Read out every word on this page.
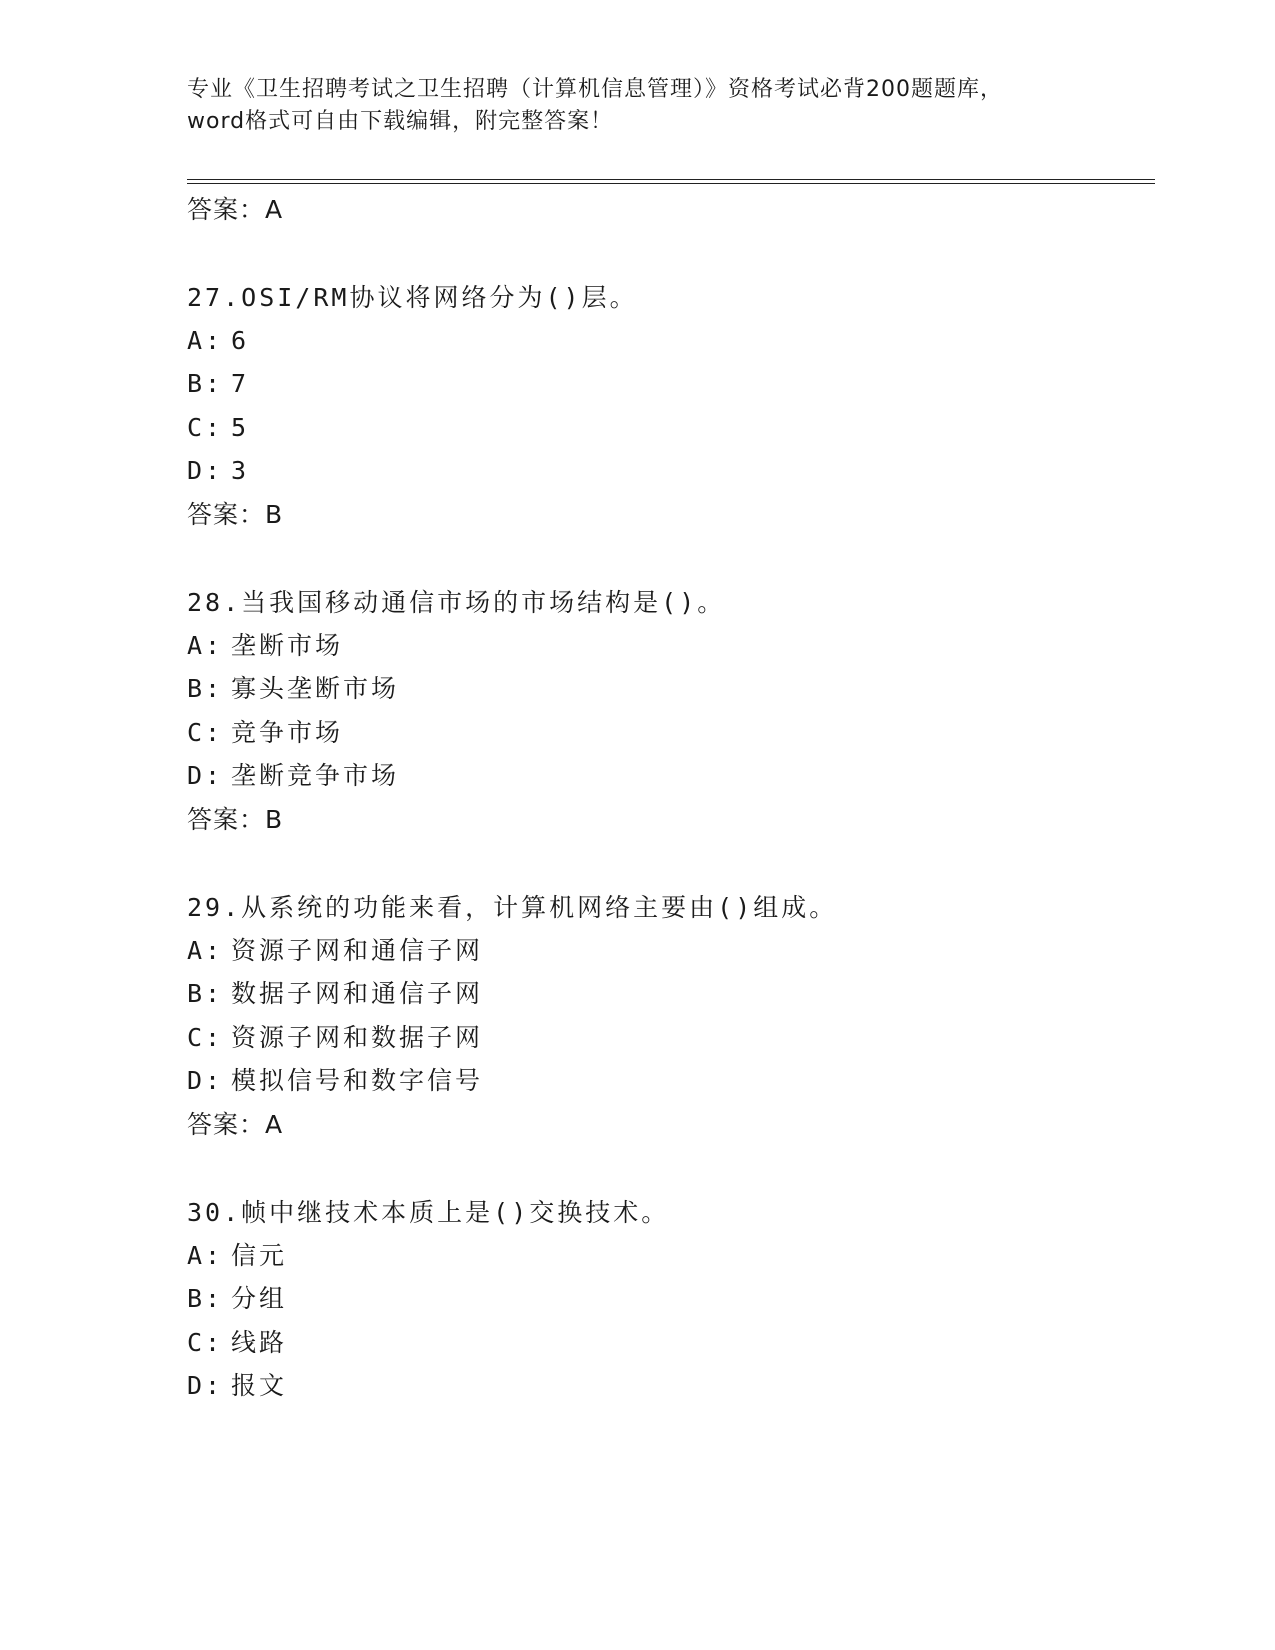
专业《卫生招聘考试之卫生招聘（计算机信息管理）》资格考试必背200题题库，
word格式可自由下载编辑，附完整答案！
答案：A
27.OSI/RM协议将网络分为()层。
A: 6
B: 7
C: 5
D: 3
答案：B
28.当我国移动通信市场的市场结构是()。
A: 垄断市场
B: 寡头垄断市场
C: 竞争市场
D: 垄断竞争市场
答案：B
29.从系统的功能来看，计算机网络主要由()组成。
A: 资源子网和通信子网
B: 数据子网和通信子网
C: 资源子网和数据子网
D: 模拟信号和数字信号
答案：A
30.帧中继技术本质上是()交换技术。
A: 信元
B: 分组
C: 线路
D: 报文
